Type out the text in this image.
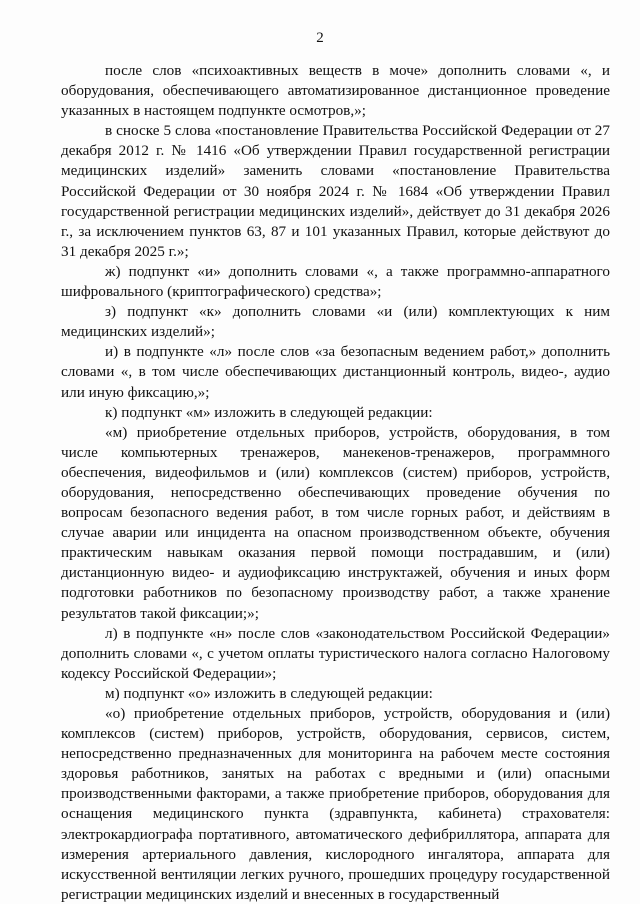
2

после слов «психоактивных веществ в моче» дополнить словами «, и оборудования, обеспечивающего автоматизированное дистанционное проведение указанных в настоящем подпункте осмотров,»;

в сноске 5 слова «постановление Правительства Российской Федерации от 27 декабря 2012 г. № 1416 «Об утверждении Правил государственной регистрации медицинских изделий» заменить словами «постановление Правительства Российской Федерации от 30 ноября 2024 г. № 1684 «Об утверждении Правил государственной регистрации медицинских изделий», действует до 31 декабря 2026 г., за исключением пунктов 63, 87 и 101 указанных Правил, которые действуют до 31 декабря 2025 г.»;

ж) подпункт «и» дополнить словами «, а также программно-аппаратного шифровального (криптографического) средства»;

з) подпункт «к» дополнить словами «и (или) комплектующих к ним медицинских изделий»;

и) в подпункте «л» после слов «за безопасным ведением работ,» дополнить словами «, в том числе обеспечивающих дистанционный контроль, видео-, аудио или иную фиксацию,»;

к) подпункт «м» изложить в следующей редакции:

«м) приобретение отдельных приборов, устройств, оборудования, в том числе компьютерных тренажеров, манекенов-тренажеров, программного обеспечения, видеофильмов и (или) комплексов (систем) приборов, устройств, оборудования, непосредственно обеспечивающих проведение обучения по вопросам безопасного ведения работ, в том числе горных работ, и действиям в случае аварии или инцидента на опасном производственном объекте, обучения практическим навыкам оказания первой помощи пострадавшим, и (или) дистанционную видео- и аудиофиксацию инструктажей, обучения и иных форм подготовки работников по безопасному производству работ, а также хранение результатов такой фиксации;»;

л) в подпункте «н» после слов «законодательством Российской Федерации» дополнить словами «, с учетом оплаты туристического налога согласно Налоговому кодексу Российской Федерации»;

м) подпункт «о» изложить в следующей редакции:

«о) приобретение отдельных приборов, устройств, оборудования и (или) комплексов (систем) приборов, устройств, оборудования, сервисов, систем, непосредственно предназначенных для мониторинга на рабочем месте состояния здоровья работников, занятых на работах с вредными и (или) опасными производственными факторами, а также приобретение приборов, оборудования для оснащения медицинского пункта (здравпункта, кабинета) страхователя: электрокардиографа портативного, автоматического дефибриллятора, аппарата для измерения артериального давления, кислородного ингалятора, аппарата для искусственной вентиляции легких ручного, прошедших процедуру государственной регистрации медицинских изделий и внесенных в государственный
